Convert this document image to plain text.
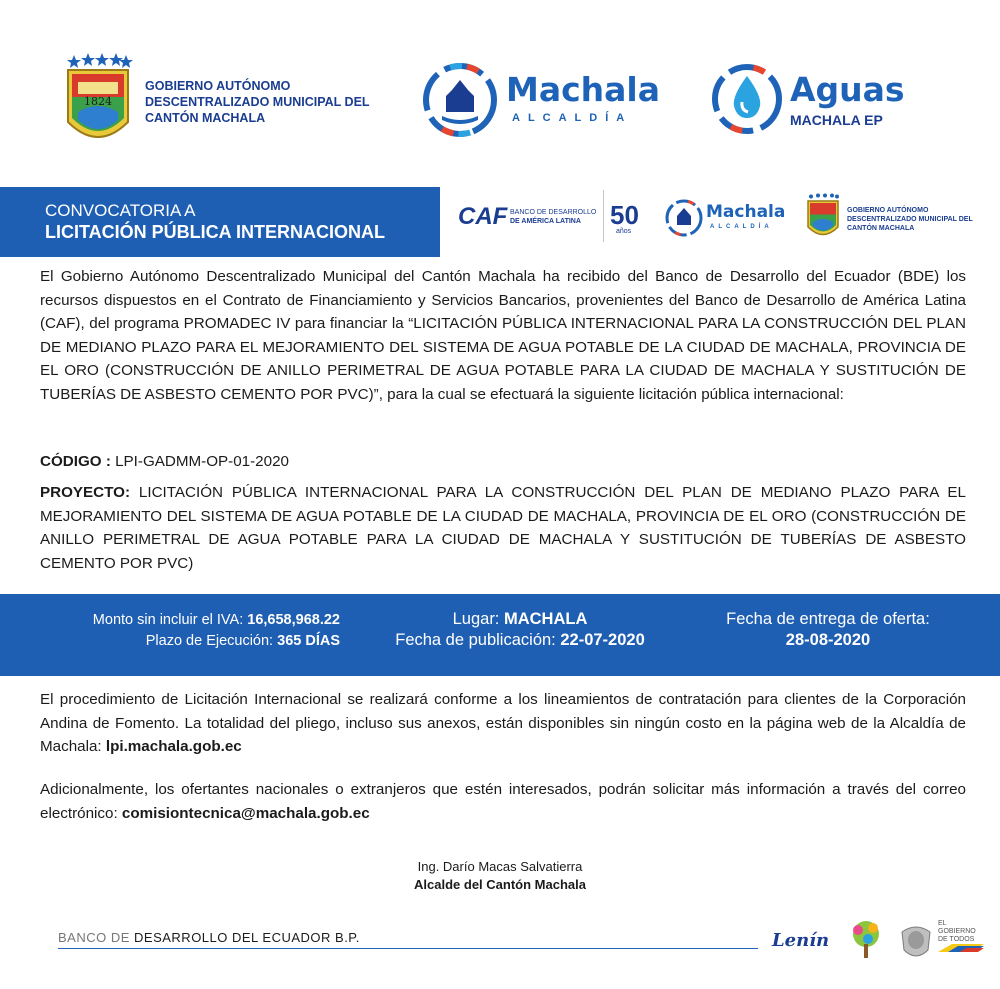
1824
GOBIERNO AUTÓNOMO
DESCENTRALIZADO MUNICIPAL DEL
CANTÓN MACHALA
Machala
ALCALDÍA
Aguas
MACHALA EP
CONVOCATORIA A
LICITACIÓN PÚBLICA INTERNACIONAL
CAF BANCO DE DESARROLLO
DE AMÉRICA LATINA 50
años
Machala
ALCALDÍA
GOBIERNO AUTÓNOMO
DESCENTRALIZADO MUNICIPAL DEL
CANTÓN MACHALA
El Gobierno Autónomo Descentralizado Municipal del Cantón Machala ha recibido del Banco de Desarrollo del Ecuador (BDE) los recursos dispuestos en el Contrato de Financiamiento y Servicios Bancarios, provenientes del Banco de Desarrollo de América Latina (CAF), del programa PROMADEC IV para financiar la “LICITACIÓN PÚBLICA INTERNACIONAL PARA LA CONSTRUCCIÓN DEL PLAN DE MEDIANO PLAZO PARA EL MEJORAMIENTO DEL SISTEMA DE AGUA POTABLE DE LA CIUDAD DE MACHALA, PROVINCIA DE EL ORO (CONSTRUCCIÓN DE ANILLO PERIMETRAL DE AGUA POTABLE PARA LA CIUDAD DE MACHALA Y SUSTITUCIÓN DE TUBERÍAS DE ASBESTO CEMENTO POR PVC)”, para la cual se efectuará la siguiente licitación pública internacional:
CÓDIGO : LPI-GADMM-OP-01-2020
PROYECTO: LICITACIÓN PÚBLICA INTERNACIONAL PARA LA CONSTRUCCIÓN DEL PLAN DE MEDIANO PLAZO PARA EL MEJORAMIENTO DEL SISTEMA DE AGUA POTABLE DE LA CIUDAD DE MACHALA, PROVINCIA DE EL ORO (CONSTRUCCIÓN DE ANILLO PERIMETRAL DE AGUA POTABLE PARA LA CIUDAD DE MACHALA Y SUSTITUCIÓN DE TUBERÍAS DE ASBESTO CEMENTO POR PVC)
Monto sin incluir el IVA: 16,658,968.22
Plazo de Ejecución: 365 DÍAS
Lugar: MACHALA
Fecha de publicación: 22-07-2020
Fecha de entrega de oferta:
28-08-2020
El procedimiento de Licitación Internacional se realizará conforme a los lineamientos de contratación para clientes de la Corporación Andina de Fomento. La totalidad del pliego, incluso sus anexos, están disponibles sin ningún costo en la página web de la Alcaldía de Machala: lpi.machala.gob.ec
Adicionalmente, los ofertantes nacionales o extranjeros que estén interesados, podrán solicitar más información a través del correo electrónico: comisiontecnica@machala.gob.ec
Ing. Darío Macas Salvatierra
Alcalde del Cantón Machala
BANCO DE DESARROLLO DEL ECUADOR B.P.	Lenín
EL
GOBIERNO
DE TODOS
